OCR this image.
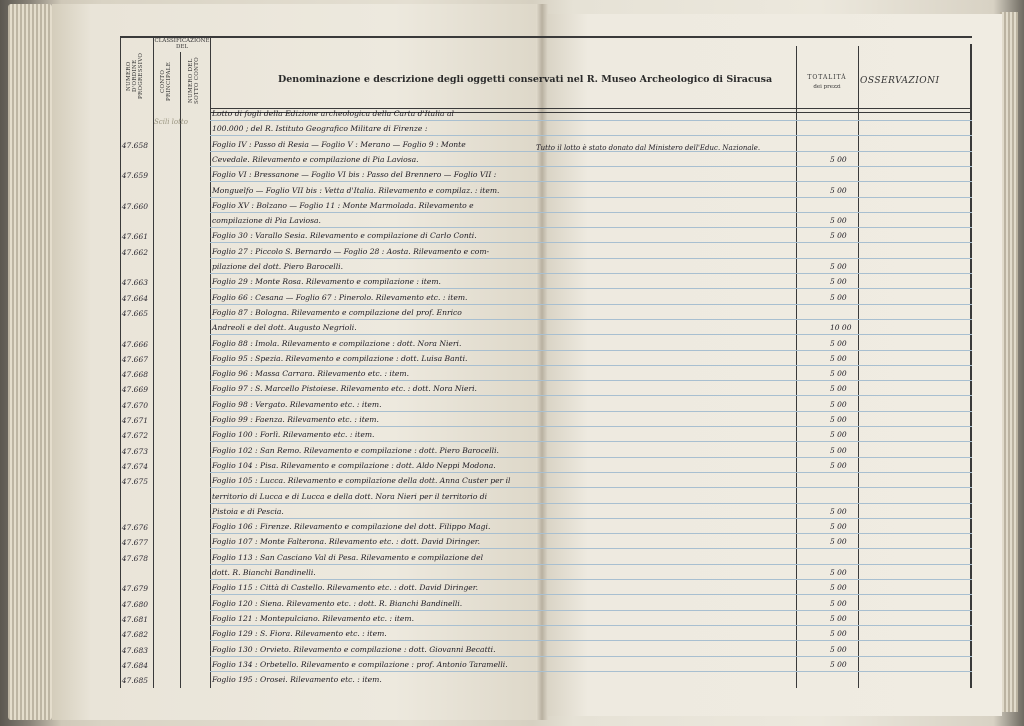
NUMERO D'ORDINE PROGRESSIVO
CLASSIFICAZIONE DEL
CONTO PRINCIPALE	NUMERO DEL SOTTO CONTO	Denominazione e descrizione degli oggetti conservati nel R. Museo Archeologico di Siracusa	TOTALITÀ
dei prezzi
OSSERVAZIONI
Scili lotto
Tutto il lotto è stato donato dal Ministero dell'Educ. Nazionale.
Lotto di fogli della Edizione archeologica della Carta d'Italia al
100.000 ; del R. Istituto Geografico Militare di Firenze :
47.658	Foglio IV : Passo di Resia — Foglio V : Merano — Foglio 9 : Monte
Cevedale. Rilevamento e compilazione di Pia Laviosa.	5 00
47.659	Foglio VI : Bressanone — Foglio VI bis : Passo del Brennero — Foglio VII :
Monguelfo — Foglio VII bis : Vetta d'Italia. Rilevamento e compilaz. : item.	5 00
47.660	Foglio XV : Bolzano — Foglio 11 : Monte Marmolada. Rilevamento e
compilazione di Pia Laviosa.	5 00
47.661	Foglio 30 : Varallo Sesia. Rilevamento e compilazione di Carlo Conti.	5 00
47.662	Foglio 27 : Piccolo S. Bernardo — Foglio 28 : Aosta. Rilevamento e com-
pilazione del dott. Piero Barocelli.	5 00
47.663	Foglio 29 : Monte Rosa. Rilevamento e compilazione : item.	5 00
47.664	Foglio 66 : Cesana — Foglio 67 : Pinerolo. Rilevamento etc. : item.	5 00
47.665	Foglio 87 : Bologna. Rilevamento e compilazione del prof. Enrico
Andreoli e del dott. Augusto Negrioli.	10 00
47.666	Foglio 88 : Imola. Rilevamento e compilazione : dott. Nora Nieri.	5 00
47.667	Foglio 95 : Spezia. Rilevamento e compilazione : dott. Luisa Banti.	5 00
47.668	Foglio 96 : Massa Carrara. Rilevamento etc. : item.	5 00
47.669	Foglio 97 : S. Marcello Pistoiese. Rilevamento etc. : dott. Nora Nieri.	5 00
47.670	Foglio 98 : Vergato. Rilevamento etc. : item.	5 00
47.671	Foglio 99 : Faenza. Rilevamento etc. : item.	5 00
47.672	Foglio 100 : Forlì. Rilevamento etc. : item.	5 00
47.673	Foglio 102 : San Remo. Rilevamento e compilazione : dott. Piero Barocelli.	5 00
47.674	Foglio 104 : Pisa. Rilevamento e compilazione : dott. Aldo Neppi Modona.	5 00
47.675	Foglio 105 : Lucca. Rilevamento e compilazione della dott. Anna Custer per il
territorio di Lucca e di Lucca e della dott. Nora Nieri per il territorio di
Pistoia e di Pescia.	5 00
47.676	Foglio 106 : Firenze. Rilevamento e compilazione del dott. Filippo Magi.	5 00
47.677	Foglio 107 : Monte Falterona. Rilevamento etc. : dott. David Diringer.	5 00
47.678	Foglio 113 : San Casciano Val di Pesa. Rilevamento e compilazione del
dott. R. Bianchi Bandinelli.	5 00
47.679	Foglio 115 : Città di Castello. Rilevamento etc. : dott. David Diringer.	5 00
47.680	Foglio 120 : Siena. Rilevamento etc. : dott. R. Bianchi Bandinelli.	5 00
47.681	Foglio 121 : Montepulciano. Rilevamento etc. : item.	5 00
47.682	Foglio 129 : S. Fiora. Rilevamento etc. : item.	5 00
47.683	Foglio 130 : Orvieto. Rilevamento e compilazione : dott. Giovanni Becatti.	5 00
47.684	Foglio 134 : Orbetello. Rilevamento e compilazione : prof. Antonio Taramelli.	5 00
47.685	Foglio 195 : Orosei. Rilevamento etc. : item.
